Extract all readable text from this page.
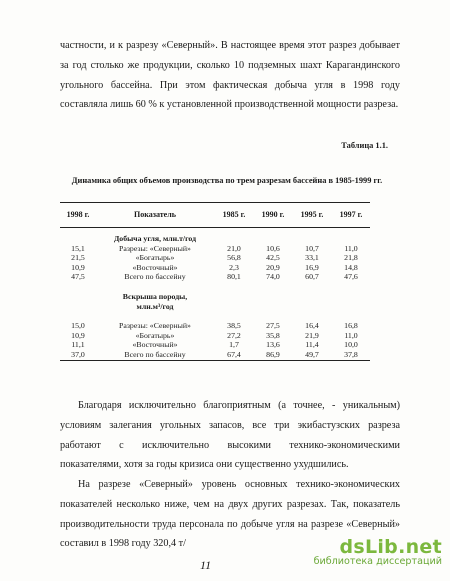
частности, и к разрезу «Северный». В настоящее время этот разрез добывает за год столько же продукции, сколько 10 подземных шахт Карагандинского угольного бассейна. При этом фактическая добыча угля в 1998 году составляла лишь 60 % к установленной производственной мощности разреза.
Таблица 1.1.
Динамика общих объемов производства по трем разрезам бассейна в 1985-1999 гг.
1998 г.	Показатель	1985 г.	1990 г.	1995 г.	1997 г.
	Добыча угля, млн.т/год				
15,1	Разрезы: «Северный»	21,0	10,6	10,7	11,0
21,5	«Богатырь»	56,8	42,5	33,1	21,8
10,9	«Восточный»	2,3	20,9	16,9	14,8
47,5	Всего по бассейну	80,1	74,0	60,7	47,6

	Вскрыша породы,
млн.м³/год				

15,0	Разрезы: «Северный»	38,5	27,5	16,4	16,8
10,9	«Богатырь»	27,2	35,8	21,9	11,0
11,1	«Восточный»	1,7	13,6	11,4	10,0
37,0	Всего по бассейну	67,4	86,9	49,7	37,8
Благодаря исключительно благоприятным (а точнее, - уникальным) условиям залегания угольных запасов, все три экибастузских разреза работают с исключительно высокими технико-экономическими показателями, хотя за годы кризиса они существенно ухудшились.
На разрезе «Северный» уровень основных технико-экономических показателей несколько ниже, чем на двух других разрезах. Так, показатель производительности труда персонала по добыче угля на разрезе «Северный» составил в 1998 году 320,4 т/
11
dsLib.net
библиотека диссертаций
